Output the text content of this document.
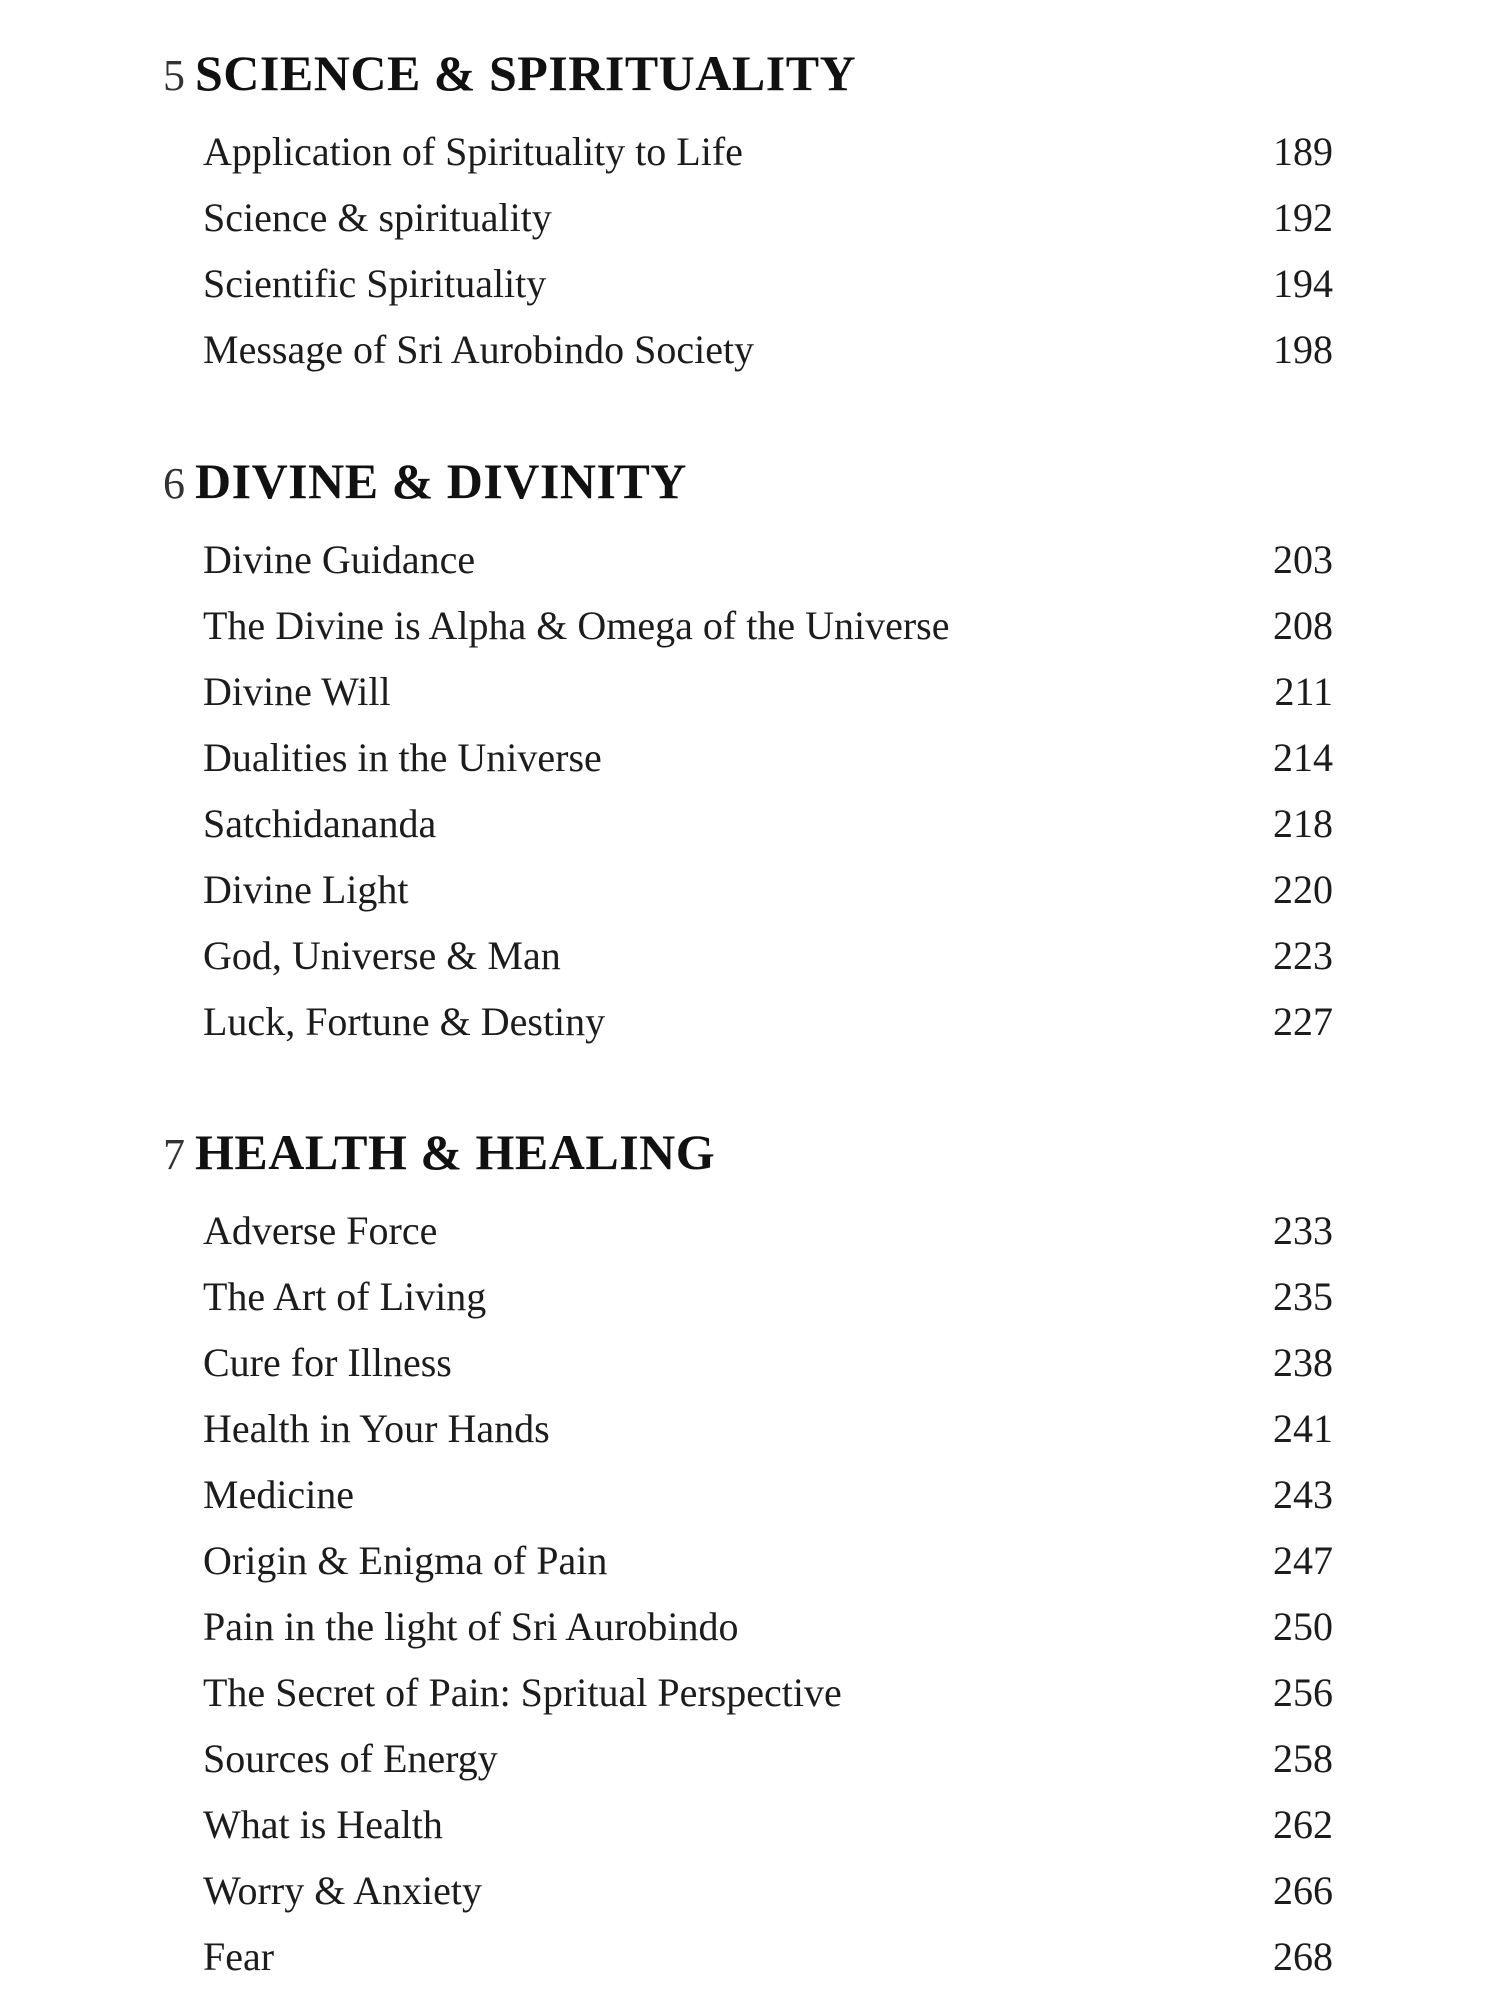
5 SCIENCE & SPIRITUALITY
Application of Spirituality to Life	189
Science & spirituality	192
Scientific Spirituality	194
Message of Sri Aurobindo Society	198
6 DIVINE & DIVINITY
Divine Guidance	203
The Divine is Alpha & Omega of the Universe	208
Divine Will	211
Dualities in the Universe	214
Satchidananda	218
Divine Light	220
God, Universe & Man	223
Luck, Fortune & Destiny	227
7 HEALTH & HEALING
Adverse Force	233
The Art of Living	235
Cure for Illness	238
Health in Your Hands	241
Medicine	243
Origin & Enigma of Pain	247
Pain in the light of Sri Aurobindo	250
The Secret of Pain: Spritual Perspective	256
Sources of Energy	258
What is Health	262
Worry & Anxiety	266
Fear	268
